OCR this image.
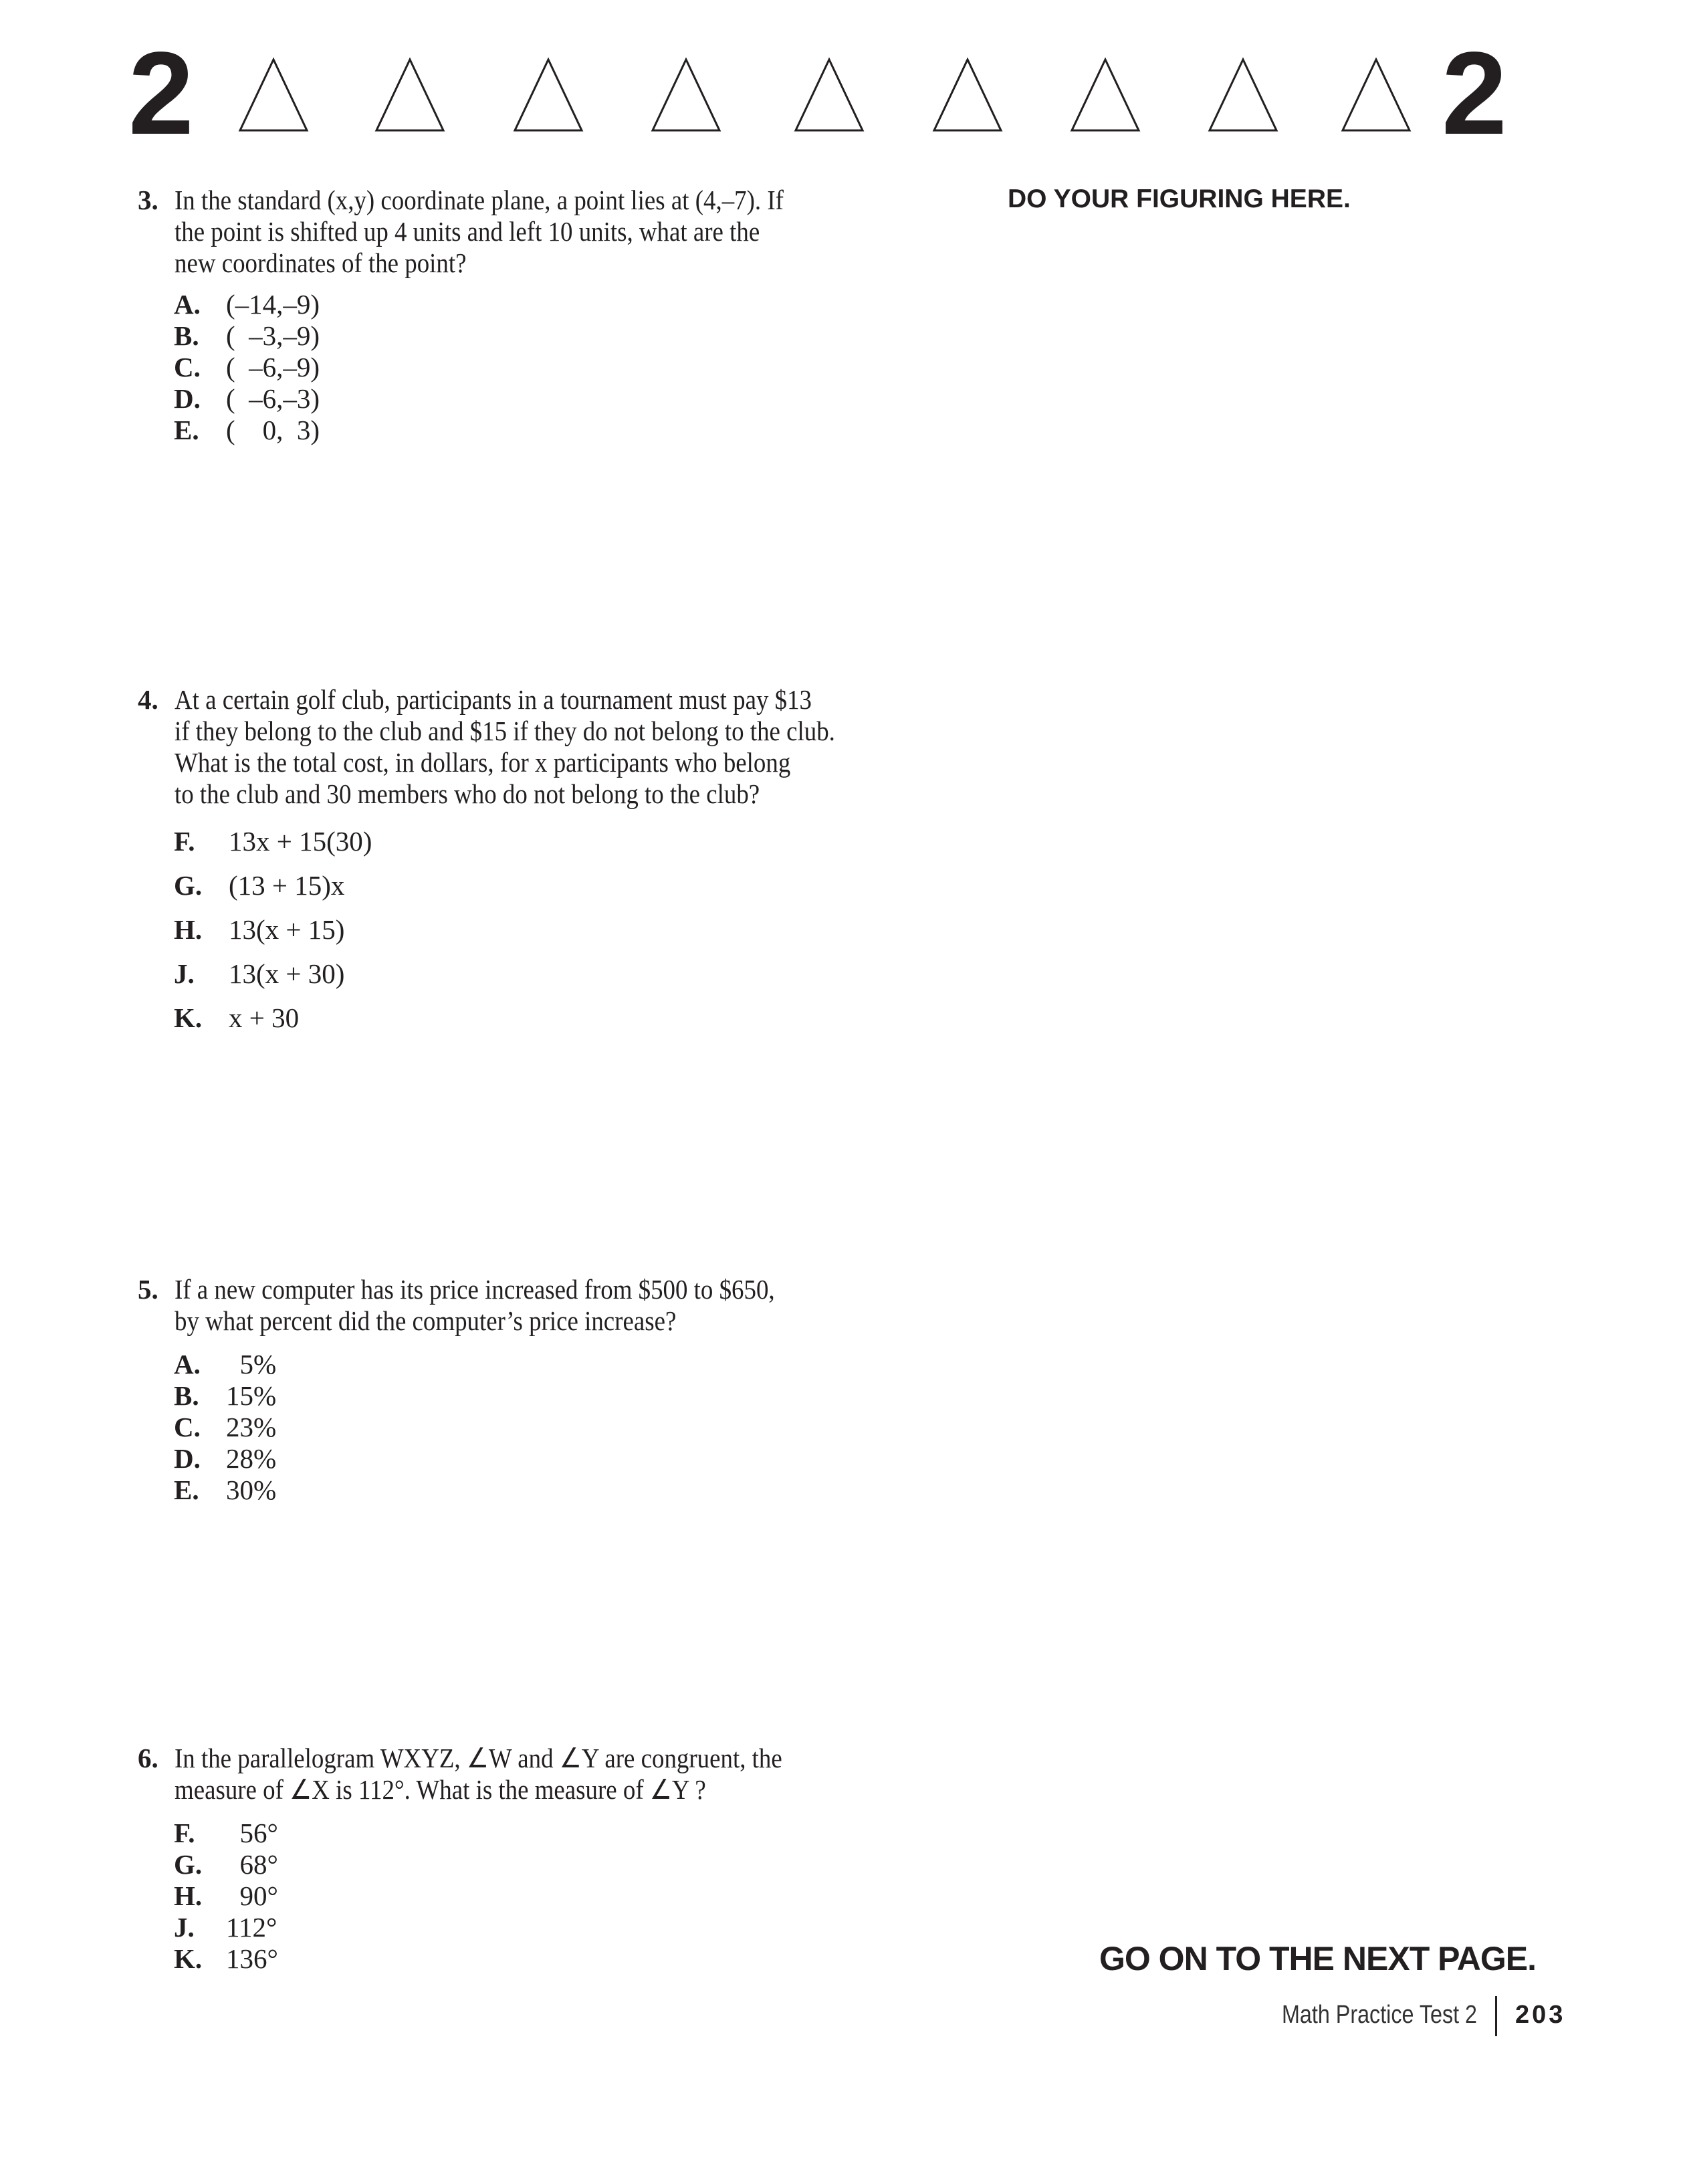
2	2
DO YOUR FIGURING HERE.
3. In the standard (x,y) coordinate plane, a point lies at (4,–7). If
the point is shifted up 4 units and left 10 units, what are the
new coordinates of the point?
A. (–14,–9)
B. (  –3,–9)
C. (  –6,–9)
D. (  –6,–3)
E. (    0,  3)
4. At a certain golf club, participants in a tournament must pay $13
if they belong to the club and $15 if they do not belong to the club.
What is the total cost, in dollars, for x participants who belong
to the club and 30 members who do not belong to the club?
F.	13x + 15(30)
G. (13 + 15)x
H. 13(x + 15)
J.	13(x + 30)
K. x + 30
5. If a new computer has its price increased from $500 to $650,
by what percent did the computer’s price increase?
A. 5%
B. 15%
C. 23%
D. 28%
E. 30%
6. In the parallelogram WXYZ, ∠W and ∠Y are congruent, the
measure of ∠X is 112°. What is the measure of ∠Y ?
F.	56°
G. 68°
H. 90°
J.	112°
K. 136°	GO ON TO THE NEXT PAGE.
Math Practice Test 2 203
